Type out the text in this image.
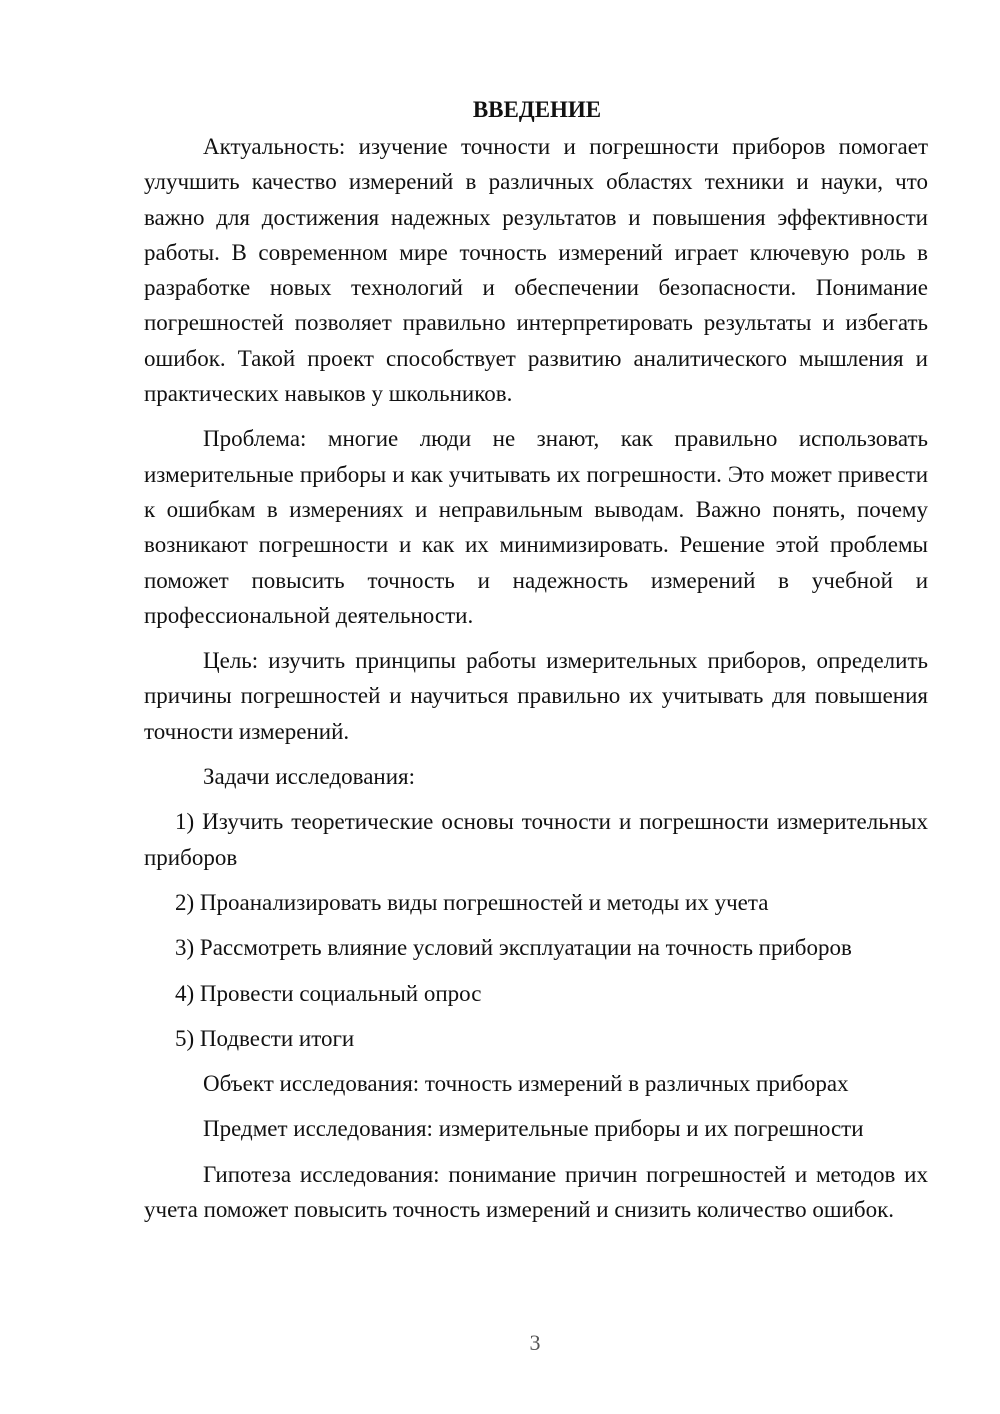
ВВЕДЕНИЕ

Актуальность: изучение точности и погрешности приборов помогает улучшить качество измерений в различных областях техники и науки, что важно для достижения надежных результатов и повышения эффективности работы. В современном мире точность измерений играет ключевую роль в разработке новых технологий и обеспечении безопасности. Понимание погрешностей позволяет правильно интерпретировать результаты и избегать ошибок. Такой проект способствует развитию аналитического мышления и практических навыков у школьников.

Проблема: многие люди не знают, как правильно использовать измерительные приборы и как учитывать их погрешности. Это может привести к ошибкам в измерениях и неправильным выводам. Важно понять, почему возникают погрешности и как их минимизировать. Решение этой проблемы поможет повысить точность и надежность измерений в учебной и профессиональной деятельности.

Цель: изучить принципы работы измерительных приборов, определить причины погрешностей и научиться правильно их учитывать для повышения точности измерений.

Задачи исследования:

1) Изучить теоретические основы точности и погрешности измерительных приборов

2) Проанализировать виды погрешностей и методы их учета

3) Рассмотреть влияние условий эксплуатации на точность приборов

4) Провести социальный опрос

5) Подвести итоги

Объект исследования: точность измерений в различных приборах

Предмет исследования: измерительные приборы и их погрешности

Гипотеза исследования: понимание причин погрешностей и методов их учета поможет повысить точность измерений и снизить количество ошибок.

3
